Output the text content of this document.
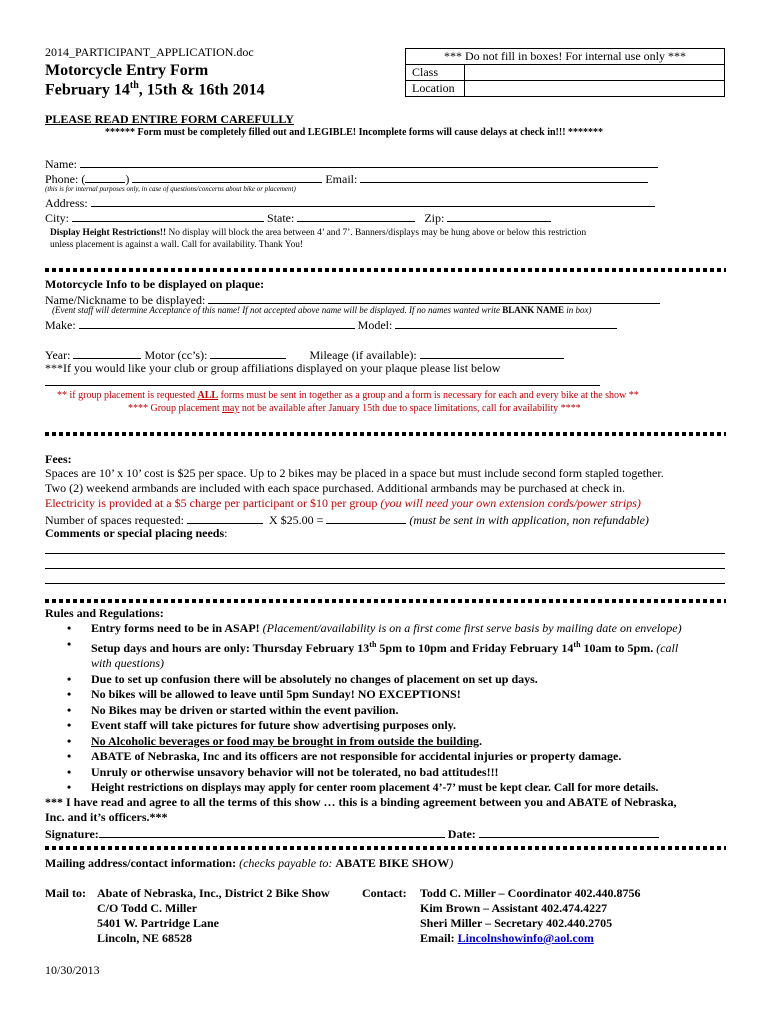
2014_PARTICIPANT_APPLICATION.doc
Motorcycle Entry Form
February 14th, 15th & 16th 2014
*** Do not fill in boxes! For internal use only ***	
Class	
Location	
PLEASE READ ENTIRE FORM CAREFULLY
****** Form must be completely filled out and LEGIBLE! Incomplete forms will cause delays at check in!!! *******
Name:
Phone: (	)	Email:
(this is for internal purposes only, in case of questions/concerns about bike or placement)
Address:
City:	State:	Zip:
Display Height Restrictions!! No display will block the area between 4’ and 7’. Banners/displays may be hung above or below this restriction
unless placement is against a wall. Call for availability. Thank You!
Motorcycle Info to be displayed on plaque:
Name/Nickname to be displayed:
(Event staff will determine Acceptance of this name! If not accepted above name will be displayed. If no names wanted write BLANK NAME in box)
Make:	Model:
Year:	Motor (cc’s):	Mileage (if available):
***If you would like your club or group affiliations displayed on your plaque please list below
** if group placement is requested ALL forms must be sent in together as a group and a form is necessary for each and every bike at the show **
**** Group placement may not be available after January 15th due to space limitations, call for availability ****
Fees:
Spaces are 10’ x 10’ cost is $25 per space. Up to 2 bikes may be placed in a space but must include second form stapled together.
Two (2) weekend armbands are included with each space purchased. Additional armbands may be purchased at check in.
Electricity is provided at a $5 charge per participant or $10 per group (you will need your own extension cords/power strips)
Number of spaces requested:	X $25.00 =	(must be sent in with application, non refundable)
Comments or special placing needs:
Rules and Regulations:
• Entry forms need to be in ASAP! (Placement/availability is on a first come first serve basis by mailing date on envelope)
• Setup days and hours are only: Thursday February 13th 5pm to 10pm and Friday February 14th 10am to 5pm. (call
with questions)
• Due to set up confusion there will be absolutely no changes of placement on set up days.
• No bikes will be allowed to leave until 5pm Sunday! NO EXCEPTIONS!
• No Bikes may be driven or started within the event pavilion.
• Event staff will take pictures for future show advertising purposes only.
• No Alcoholic beverages or food may be brought in from outside the building.
• ABATE of Nebraska, Inc and its officers are not responsible for accidental injuries or property damage.
• Unruly or otherwise unsavory behavior will not be tolerated, no bad attitudes!!!
• Height restrictions on displays may apply for center room placement 4’-7’ must be kept clear. Call for more details.
*** I have read and agree to all the terms of this show … this is a binding agreement between you and ABATE of Nebraska,
Inc. and it’s officers.***
Signature:	Date:
Mailing address/contact information: (checks payable to: ABATE BIKE SHOW)
Mail to: Abate of Nebraska, Inc., District 2 Bike Show
C/O Todd C. Miller
5401 W. Partridge Lane
Lincoln, NE 68528
Contact: Todd C. Miller – Coordinator 402.440.8756
Kim Brown – Assistant 402.474.4227
Sheri Miller – Secretary 402.440.2705
Email: Lincolnshowinfo@aol.com
10/30/2013
